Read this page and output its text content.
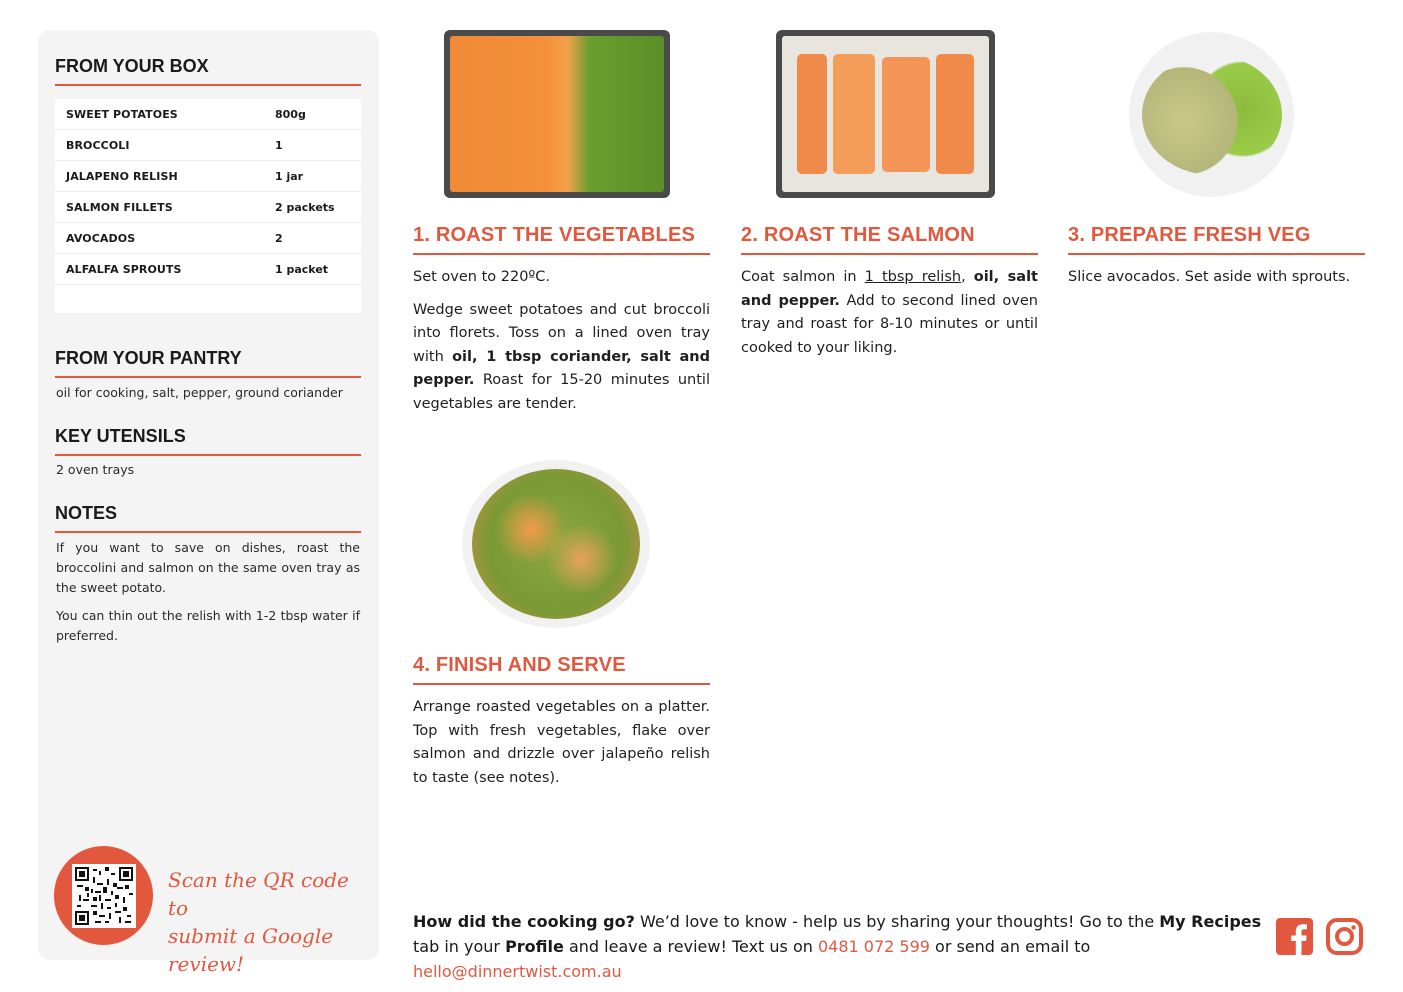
FROM YOUR BOX
SWEET POTATOES	800g
BROCCOLI	1
JALAPENO RELISH	1 jar
SALMON FILLETS	2 packets
AVOCADOS	2
ALFALFA SPROUTS	1 packet
FROM YOUR PANTRY
oil for cooking, salt, pepper, ground coriander
KEY UTENSILS
2 oven trays
NOTES
If you want to save on dishes, roast the broccolini and salmon on the same oven tray as the sweet potato.
You can thin out the relish with 1-2 tbsp water if preferred.
Scan the QR code to
submit a Google review!
1. ROAST THE VEGETABLES

Set oven to 220ºC.

Wedge sweet potatoes and cut broccoli into florets. Toss on a lined oven tray with oil, 1 tbsp coriander, salt and pepper. Roast for 15-20 minutes until vegetables are tender.

2. ROAST THE SALMON

Coat salmon in 1 tbsp relish, oil, salt and pepper. Add to second lined oven tray and roast for 8-10 minutes or until cooked to your liking.

3. PREPARE FRESH VEG

Slice avocados. Set aside with sprouts.

4. FINISH AND SERVE

Arrange roasted vegetables on a platter. Top with fresh vegetables, flake over salmon and drizzle over jalapeño relish to taste (see notes).

How did the cooking go? We’d love to know - help us by sharing your thoughts! Go to the My Recipes tab in your Profile and leave a review! Text us on 0481 072 599 or send an email to hello@dinnertwist.com.au
